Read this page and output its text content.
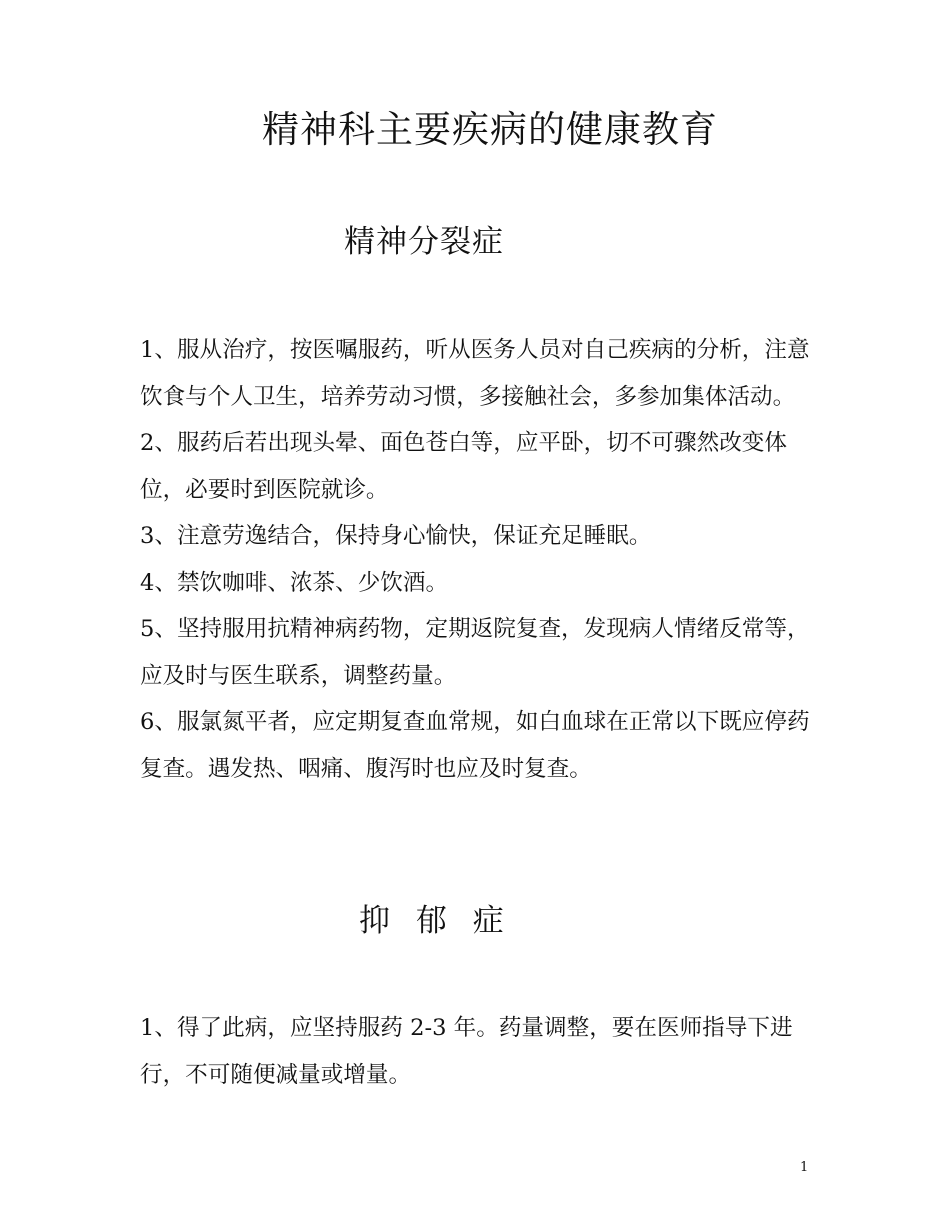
精神科主要疾病的健康教育
精神分裂症

1、服从治疗，按医嘱服药，听从医务人员对自己疾病的分析，注意饮食与个人卫生，培养劳动习惯，多接触社会，多参加集体活动。

2、服药后若出现头晕、面色苍白等，应平卧，切不可骤然改变体位，必要时到医院就诊。

3、注意劳逸结合，保持身心愉快，保证充足睡眠。

4、禁饮咖啡、浓茶、少饮酒。

5、坚持服用抗精神病药物，定期返院复查，发现病人情绪反常等，应及时与医生联系，调整药量。

6、服氯氮平者，应定期复查血常规，如白血球在正常以下既应停药复查。遇发热、咽痛、腹泻时也应及时复查。

抑 郁 症

1、得了此病，应坚持服药 2-3 年。药量调整，要在医师指导下进行，不可随便减量或增量。

1
